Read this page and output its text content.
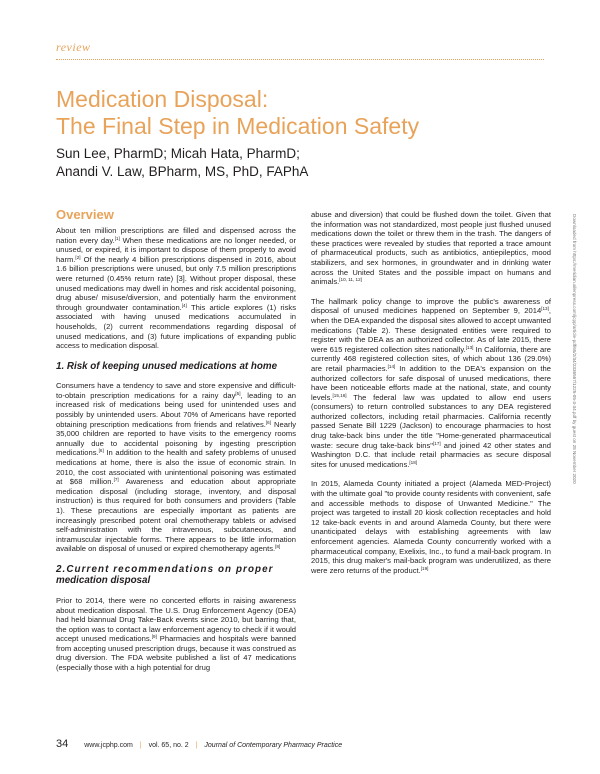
review
Medication Disposal:
The Final Step in Medication Safety
Sun Lee, PharmD; Micah Hata, PharmD;
Anandi V. Law, BPharm, MS, PhD, FAPhA
Overview

About ten million prescriptions are filled and dispensed across the nation every day.[1] When these medications are no longer needed, or unused, or expired, it is important to dispose of them properly to avoid harm.[2] Of the nearly 4 billion prescriptions dispensed in 2016, about 1.6 billion prescriptions were unused, but only 7.5 million prescriptions were returned (0.45% return rate) [3]. Without proper disposal, these unused medications may dwell in homes and risk accidental poisoning, drug abuse/ misuse/diversion, and potentially harm the environment through groundwater contamination.[4] This article explores (1) risks associated with having unused medications accumulated in households, (2) current recommendations regarding disposal of unused medications, and (3) future implications of expanding public access to medication disposal.

1. Risk of keeping unused medications at home

Consumers have a tendency to save and store expensive and difficult-to-obtain prescription medications for a rainy day[5], leading to an increased risk of medications being used for unintended uses and possibly by unintended users. About 70% of Americans have reported obtaining prescription medications from friends and relatives.[6] Nearly 35,000 children are reported to have visits to the emergency rooms annually due to accidental poisoning by ingesting prescription medications.[6] In addition to the health and safety problems of unused medications at home, there is also the issue of economic strain. In 2010, the cost associated with unintentional poisoning was estimated at $68 million.[7] Awareness and education about appropriate medication disposal (including storage, inventory, and disposal instruction) is thus required for both consumers and providers (Table 1). These precautions are especially important as patients are increasingly prescribed potent oral chemotherapy tablets or advised self-administration with the intravenous, subcutaneous, and intramuscular injectable forms. There appears to be little information available on disposal of unused or expired chemotherapy agents.[8]

2.Current recommendations on proper
medication disposal

Prior to 2014, there were no concerted efforts in raising awareness about medication disposal. The U.S. Drug Enforcement Agency (DEA) had held biannual Drug Take-Back events since 2010, but barring that, the option was to contact a law enforcement agency to check if it would accept unused medications.[9] Pharmacies and hospitals were banned from accepting unused prescription drugs, because it was construed as drug diversion. The FDA website published a list of 47 medications (especially those with a high potential for drug

abuse and diversion) that could be flushed down the toilet. Given that the information was not standardized, most people just flushed unused medications down the toilet or threw them in the trash. The dangers of these practices were revealed by studies that reported a trace amount of pharmaceutical products, such as antibiotics, antiepileptics, mood stabilizers, and sex hormones, in groundwater and in drinking water across the United States and the possible impact on humans and animals.[10, 11, 12]

The hallmark policy change to improve the public's awareness of disposal of unused medicines happened on September 9, 2014[13], when the DEA expanded the disposal sites allowed to accept unwanted medications (Table 2). These designated entities were required to register with the DEA as an authorized collector. As of late 2015, there were 615 registered collection sites nationally.[13] In California, there are currently 468 registered collection sites, of which about 136 (29.0%) are retail pharmacies.[14] In addition to the DEA's expansion on the authorized collectors for safe disposal of unused medications, there have been noticeable efforts made at the national, state, and county levels.[15,16] The federal law was updated to allow end users (consumers) to return controlled substances to any DEA registered authorized collectors, including retail pharmacies. California recently passed Senate Bill 1229 (Jackson) to encourage pharmacies to host drug take-back bins under the title "Home-generated pharmaceutical waste: secure drug take-back bins"[17] and joined 42 other states and Washington D.C. that include retail pharmacies as secure disposal sites for unused medications.[18]

In 2015, Alameda County initiated a project (Alameda MED-Project) with the ultimate goal "to provide county residents with convenient, safe and accessible methods to dispose of Unwanted Medicine." The project was targeted to install 20 kiosk collection receptacles and hold 12 take-back events in and around Alameda County, but there were unanticipated delays with establishing agreements with law enforcement agencies. Alameda County concurrently worked with a pharmaceutical company, Exelixis, Inc., to fund a mail-back program. In 2015, this drug maker's mail-back program was underutilized, as there were zero returns of the product.[19]

Downloaded from https://meridian.allenpress.com/jcpp/article-pdf/65/2/34/2336567/1225-05-3-34.pdf by guest on 28 November 2020
34 www.jcphp.com | vol. 65, no. 2 | Journal of Contemporary Pharmacy Practice
